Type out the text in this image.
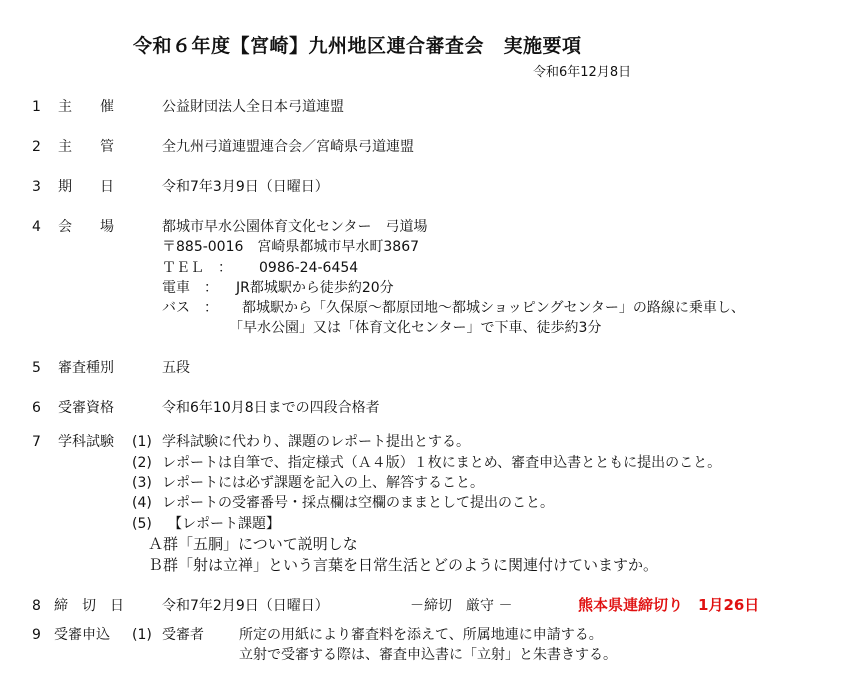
令和６年度【宮崎】九州地区連合審査会　実施要項
令和6年12月8日
1	主　　催	公益財団法人全日本弓道連盟
2	主　　管	全九州弓道連盟連合会／宮崎県弓道連盟
3	期　　日	令和7年3月9日（日曜日）
4	会　　場	都城市早水公園体育文化センター　弓道場
〒885-0016　宮崎県都城市早水町3867
ＴＥＬ　： 0986-24-6454
電車　： JR都城駅から徒歩約20分
バス　： 都城駅から「久保原～都原団地～都城ショッピングセンター」の路線に乗車し、
「早水公園」又は「体育文化センター」で下車、徒歩約3分
5	審査種別	五段
6	受審資格	令和6年10月8日までの四段合格者
7	学科試験 (1) 学科試験に代わり、課題のレポート提出とする。
(2) レポートは自筆で、指定様式（Ａ４版）１枚にまとめ、審査申込書とともに提出のこと。
(3) レポートには必ず課題を記入の上、解答すること。
(4) レポートの受審番号・採点欄は空欄のままとして提出のこと。
(5) 【レポート課題】
Ａ群「五胴」について説明しな
Ｂ群「射は立禅」という言葉を日常生活とどのように関連付けていますか。
8 締　切　日	令和7年2月9日（日曜日）	－締切　厳守 －	熊本県連締切り　1月26日
9 受審申込 (1) 受審者	所定の用紙により審査料を添えて、所属地連に申請する。
立射で受審する際は、審査申込書に「立射」と朱書きする。
